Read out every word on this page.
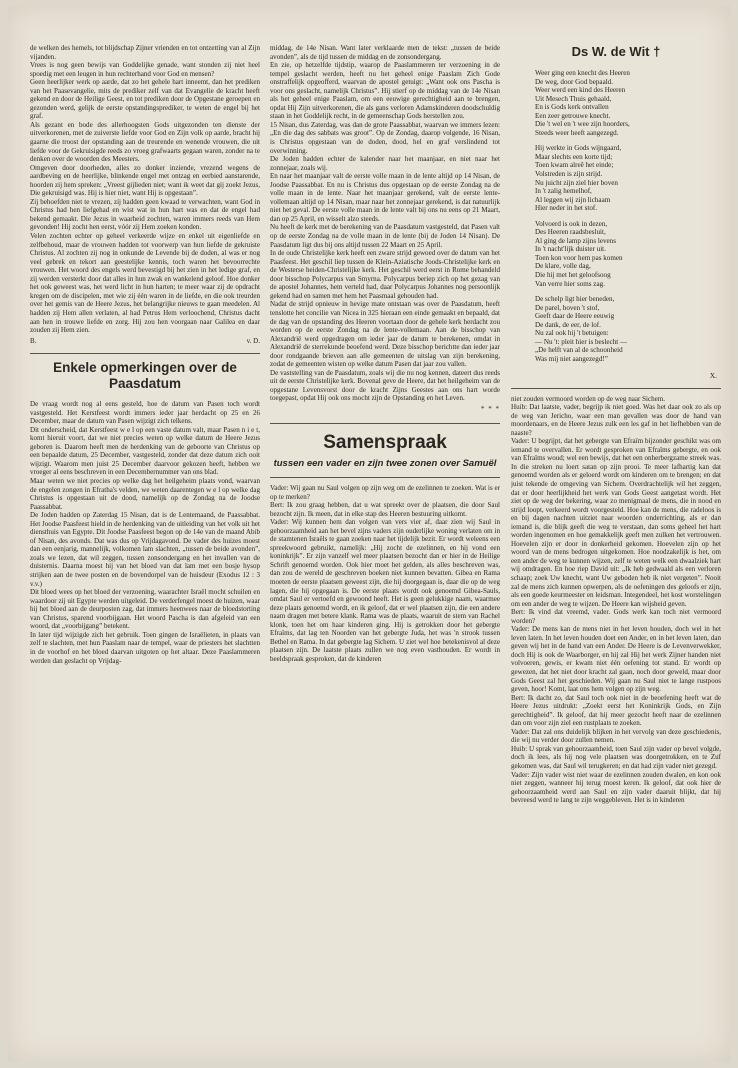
de welken des hemels, tot blijdschap Zijner vrienden en tot ontzetting van al Zijn vijanden.

Vrees is nog geen bewijs van Goddelijke genade, want stonden zij niet heel spoedig met een leugen in hun rechterhand voor God en mensen?

Geen heerlijker werk op aarde, dat zo het gehele hart inneemt, dan het prediken van het Paasevangelie, mits de prediker zelf van dat Evangelie de kracht heeft gekend en door de Heilige Geest, en tot prediken door de Opgestane geroepen en gezonden werd, gelijk de eerste opstandingsprediker, te weten de engel bij het graf.

Als gezant en bode des allerhoogsten Gods uitgezonden ten dienste der uitverkorenen, met de zuiverste liefde voor God en Zijn volk op aarde, bracht hij gaarne die troost der opstanding aan de treurende en wenende vrouwen, die uit liefde voor de Gekruisigde reeds zo vroeg grafwaarts gegaan waren, zonder na te denken over de woorden des Meesters.

Omgeven door doorheden, alles zo donker inziende, vrezend wegens de aardbeving en de heerlijke, blinkende engel met ontzag en eerbied aanstarende, hoorden zij hem spreken: „Vreest gijlieden niet; want ik weet dat gij zoekt Jezus, Die gekruisigd was. Hij is hier niet, want Hij is opgestaan”.

Zij behoefden niet te vrezen, zij hadden geen kwaad te verwachten, want God in Christus had hen liefgehad en wist wat in hun hart was en dat de engel had bekend gemaakt. Die Jezus in waarheid zochten, waren immers reeds van Hem gevonden! Hij zocht hen eerst, vóór zij Hem zoeken konden.

Velen zochten echter op geheel verkeerde wijze en enkel uit eigenliefde en zelfbehoud, maar de vrouwen hadden tot voorwerp van hun liefde de gekruiste Christus. Al zochten zij nog in onkunde de Levende bij de doden, al was er nog veel gebrek en tekort aan geestelijke kennis, toch waren het bevoorrechte vrouwen. Het woord des engels werd bevestigd bij het zien in het ledige graf, en zij werden versterkt door dat alles in hun zwak en wankelend geloof. Hoe donker het ook geweest was, het werd licht in hun harten; te meer waar zij de opdracht kregen om de discipelen, met wie zij één waren in de liefde, en die ook treurden over het gemis van de Heere Jezus, het belangrijke nieuws te gaan meedelen. Al hadden zij Hem allen verlaten, al had Petrus Hem verloochend, Christus dacht aan hen in trouwe liefde en zorg. Hij zou hen voorgaan naar Galilea en daar zouden zij Hem zien.

B.	v. D.
Enkele opmerkingen over de Paasdatum

De vraag wordt nog al eens gesteld, hoe de datum van Pasen toch wordt vastgesteld. Het Kerstfeest wordt immers ieder jaar herdacht op 25 en 26 December, maar de datum van Pasen wijzigt zich telkens.

Dit onderscheid, dat Kerstfeest w e l op een vaste datum valt, maar Pasen n i e t, komt hieruit voort, dat we niet precies weten op welke datum de Heere Jezus geboren is. Daarom heeft men de herdenking van de geboorte van Christus op een bepaalde datum, 25 December, vastgesteld, zonder dat deze datum zich ooit wijzigt. Waarom men juist 25 December daarvoor gekozen heeft, hebben we vroeger al eens beschreven in een Decembernummer van ons blad.

Maar weten we niet precies op welke dag het heilgeheim plaats vond, waarvan de engelen zongen in Efratha's velden, we weten daarentegen w e l op welke dag Christus is opgestaan uit de dood, namelijk op de Zondag na de Joodse Paassabbat.

De Joden hadden op Zaterdag 15 Nisan, dat is de Lentemaand, de Paassabbat. Het Joodse Paasfeest hield in de herdenking van de uitleiding van het volk uit het diensthuis van Egypte. Dit Joodse Paasfeest begon op de 14e van de maand Abib of Nisan, des avonds. Dat was dus op Vrijdagavond. De vader des huizes moest dan een eenjarig, mannelijk, volkomen lam slachten, „tussen de beide avonden”, zoals we lezen, dat wil zeggen, tussen zonsondergang en het invallen van de duisternis. Daarna moest hij van het bloed van dat lam met een bosje hysop strijken aan de twee posten en de bovendorpel van de huisdeur (Exodus 12 : 3 v.v.)

Dit bloed wees op het bloed der verzoening, waarachter Israël mocht schuilen en waardoor zij uit Egypte werden uitgeleid. De verderfengel moest de huizen, waar hij het bloed aan de deurposten zag, dat immers heenwees naar de bloedstorting van Christus, sparend voorbijgaan. Het woord Pascha is dan afgeleid van een woord, dat „voorbijgang” betekent.

In later tijd wijzigde zich het gebruik. Toen gingen de Israëlieten, in plaats van zelf te slachten, met hun Paaslam naar de tempel, waar de priesters het slachtten in de voorhof en het bloed daarvan uitgoten op het altaar. Deze Paaslammeren werden dan geslacht op Vrijdag-

middag, de 14e Nisan. Want later verklaarde men de tekst: „tussen de beide avonden”, als de tijd tussen de middag en de zonsondergang.

En zie, op hetzelfde tijdstip, waarop de Paaslammeren ter verzoening in de tempel geslacht werden, heeft nu het geheel enige Paaslam Zich Gode onstraffelijk opgeofferd, waarvan de apostel getuigt: „Want ook ons Pascha is voor ons geslacht, namelijk Christus”. Hij stierf op de middag van de 14e Nisan als het geheel enige Paaslam, om een eeuwige gerechtigheid aan te brengen, opdat Hij Zijn uitverkorenen, die als gans verloren Adamskinderen doodschuldig staan in het Goddelijk recht, in de gemeenschap Gods herstellen zou.

15 Nisan, dus Zaterdag, was dan de grote Paassabbat, waarvan we immers lezen: „En die dag des sabbats was groot”. Op de Zondag, daarop volgende, 16 Nisan, is Christus opgestaan van de doden, dood, hel en graf verslindend tot overwinning.

De Joden hadden echter de kalender naar het maanjaar, en niet naar het zonnejaar, zoals wij.

En naar het maanjaar valt de eerste volle maan in de lente altijd op 14 Nisan, de Joodse Paassabbat. En nu is Christus dus opgestaan op de eerste Zondag na de volle maan in de lente. Naar het maanjaar gerekend, valt de eerste lente-vollemaan altijd op 14 Nisan, maar naar het zonnejaar gerekend, is dat natuurlijk niet het geval. De eerste volle maan in de lente valt bij ons nu eens op 21 Maart, dan op 25 April, en wisselt alzo steeds.

Nu heeft de kerk met de berekening van de Paasdatum vastgesteld, dat Pasen valt op de eerste Zondag na de volle maan in de lente (bij de Joden 14 Nisan). De Paasdatum ligt dus bij ons altijd tussen 22 Maart en 25 April.

In de oude Christelijke kerk heeft een zware strijd gewoed over de datum van het Paasfeest. Het geschil liep tussen de Klein-Aziatische Joods-Christelijke kerk en de Westerse heiden-Christelijke kerk. Het geschil werd eerst in Rome behandeld door bisschop Polycarpus van Smyrna. Polycarpus beriep zich op het gezag van de apostel Johannes, hem verteld had, daar Polycarpus Johannes nog persoonlijk gekend had en samen met hem het Paasmaal gehouden had.

Nadat de strijd opnieuw in hevige mate ontstaan was over de Paasdatum, heeft tenslotte het concilie van Nicea in 325 hieraan een einde gemaakt en bepaald, dat de dag van de opstanding des Heeren voortaan door de gehele kerk herdacht zou worden op de eerste Zondag na de lente-vollemaan. Aan de bisschop van Alexandrië werd opgedragen om ieder jaar de datum te berekenen, omdat in Alexandrië de sterrekunde beoefend werd. Deze bisschop berichtte dan ieder jaar door rondgaande brieven aan alle gemeenten de uitslag van zijn berekening, zodat de gemeenten wisten op welke datum Pasen dat jaar zou vallen.

De vaststelling van de Paasdatum, zoals wij die nu nog kennen, dateert dus reeds uit de eerste Christelijke kerk. Bovenal geve de Heere, dat het heilgeheim van de opgestane Levensvorst door de kracht Zijns Geestes aan ons hart worde toegepast, opdat Hij ook ons mocht zijn de Opstanding en het Leven.

* * *
Samenspraak
tussen een vader en zijn twee zonen over Samuël

Vader: Wij gaan nu Saul volgen op zijn weg om de ezelinnen te zoeken. Wat is er op te merken?

Bert: Ik zou graag hebben, dat u wat spreekt over de plaatsen, die door Saul bezocht zijn. Ik meen, dat in elke stap des Heeren bestuuring uitkomt.

Vader: Wij kunnen hem dan volgen van vers vier af, daar zien wij Saul in gehoorzaamheid aan het bevel zijns vaders zijn ouderlijke woning verlaten om in de stamtenen Israëls te gaan zoeken naar het tijdelijk bezit. Er wordt weleens een spreekwoord gebruikt, namelijk: „Hij zocht de ezelinnen, en hij vond een koninkrijk”. Er zijn vanzelf wel meer plaatsen bezocht dan er hier in de Heilige Schrift genoemd worden. Ook hier moet het gelden, als alles beschreven was, dan zou de wereld de geschreven boeken niet kunnen bevatten. Gibea en Rama moeten de eerste plaatsen geweest zijn, die hij doorgegaan is, daar die op de weg lagen, die hij opgegaan is. De eerste plaats wordt ook genoemd Gibea-Sauls, omdat Saul er vertoefd en gewoond heeft. Het is geen gelukkige naam, waarmee deze plaats genoemd wordt, en ik geloof, dat er wel plaatsen zijn, die een andere naam dragen met betere klank. Rama was de plaats, waaruit de stem van Rachel klonk, toen het om haar kinderen ging. Hij is getrokken door het gebergte Efraïms, dat lag ten Noorden van het gebergte Juda, het was 'n strook tussen Bethel en Rama. In dat gebergte lag Sichem. U ziet wel hoe betekenisvol al deze plaatsen zijn. De laatste plaats zullen we nog even vasthouden. Er wordt in beeldspraak gesproken, dat de kinderen

Ds W. de Wit †
Weer ging een knecht des Heeren
De weg, door God bepaald.
Weer werd een kind des Heeren
Uit Mesech Thuis gehaald,
En is Gods kerk ontvallen
Een zeer getrouwe knecht.
Die 't wel en 't wee zijn hoorders,
Steeds weer heeft aangezegd.
Hij werkte in Gods wijngaard,
Maar slechts een korte tijd;
Toen kwam alreê het einde;
Volstreden is zijn strijd.
Nu juicht zijn ziel hier boven
In 't zalig hemelhof,
Al leggen wij zijn lichaam
Hier neder in het stof.
Volvoerd is ook in dezen,
Des Heeren raadsbesluit,
Al ging de lamp zijns levens
In 't nacht'lijk duister uit.
Toen kon voor hem pas komen
De klare, volle dag,
Die hij met het geloofsoog
Van verre hier soms zag.
De schelp ligt hier beneden,
De parel, boven 't stof,
Geeft daar de Heere eeuwig
De dank, de eer, de lof.
Nu zal ook hij 't betuigen:
— Nu 't: pleit hier is beslecht —
„De helft van al de schoonheid
Was mij niet aangezegd!”
X.

niet zouden vermoord worden op de weg naar Sichem.

Huib: Dat laatste, vader, begrijp ik niet goed. Was het daar ook zo als op de weg van Jericho, waar een man gevallen was door de hand van moordenaars, en de Heere Jezus zulk een les gaf in het liefhebben van de naaste?

Vader: U begrijpt, dat het gebergte van Efraïm bijzonder geschikt was om iemand te overvallen. Er wordt gesproken van Efraïms gebergte, en ook van Efraïms woud; wel een bewijs, dat het een onherbergzame streek was. In die streken nu loert satan op zijn prooi. Te meer lafhartig kan dat genoemd worden als er geloerd wordt om kinderen om te brengen; en dat juist tekende de omgeving van Sichem. Overdrachtelijk wil het zeggen, dat er door heerlijkheid het werk van Gods Geest aangetast wordt. Het ziet op de weg der bekering, waar zo menigmaal de mens, die in nood en strijd loopt, verkeerd wordt voorgesteld. Hoe kan de mens, die radeloos is en bij dagen nachten uitziet naar woorden onderrichting, als er dan iemand is, die blijk geeft die weg te verstaan, dan soms geheel het hart worden ingenomen en hoe gemakkelijk geeft men zulken het vertrouwen. Hoevelen zijn er door in donkerheid gekomen. Hoevelen zijn op het woord van de mens bedrogen uitgekomen. Hoe noodzakelijk is het, om een ander de weg te kunnen wijzen, zelf te weten welk een dwaalziek hart wij omdragen. En hoe riep David uit: „Ik heb gedwaald als een verloren schaap; zoek Uw knecht, want Uw geboden heb ik niet vergeten”. Nooit zal de mens zich kunnen opwerpen, als de oefeningen des geloofs er zijn, als een goede keurmeester en leidsman. Integendeel, het kost worstelingen om een ander de weg te wijzen. De Heere kan wijsheid geven.

Bert: Ik vind dat vreemd, vader. Gods werk kan toch niet vermoord worden?

Vader: De mens kan de mens niet in het leven houden, doch wel in het leven laten. In het leven houden doet een Ander, en in het leven laten, dan geven wij het in de hand van een Ander. De Heere is de Levenverwekker, doch Hij is ook de Waarborger, en hij zal Hij het werk Zijner handen niet volvoeren, gewis, er kwam niet één oefening tot stand. Er wordt op gewezen, dat het niet door kracht zal gaan, noch door geweld, maar door Gods Geest zal het geschieden. Wij gaan nu Saul niet te lange rustpoos geven, hoor! Komt, laat ons hem volgen op zijn weg.

Bert: Ik dacht zo, dat Saul toch ook niet in de beoefening heeft wat de Heere Jezus uitdrukt: „Zoekt eerst het Koninkrijk Gods, en Zijn gerechtigheid”. Ik geloof, dat hij meer gezocht heeft naar de ezelinnen dan om voor zijn ziel een rustplaats te zoeken.

Vader: Dat zal ons duidelijk blijken in het vervolg van deze geschiedenis, die wij nu verder door zullen nemen.

Huib: U sprak van gehoorzaamheid, toen Saul zijn vader op bevel volgde, doch ik lees, als hij nog vele plaatsen was doorgetrokken, en te Zuf gekomen was, dat Saul wil terugkeren; en dat had zijn vader niet gezegd.

Vader: Zijn vader wist niet waar de ezelinnen zouden dwalen, en kon ook niet zeggen, wanneer hij terug moest keren. Ik geloof, dat ook hier de gehoorzaamheid werd aan Saul en zijn vader daaruit blijkt, dat hij bevreesd werd te lang te zijn weggebleven. Het is in kinderen
